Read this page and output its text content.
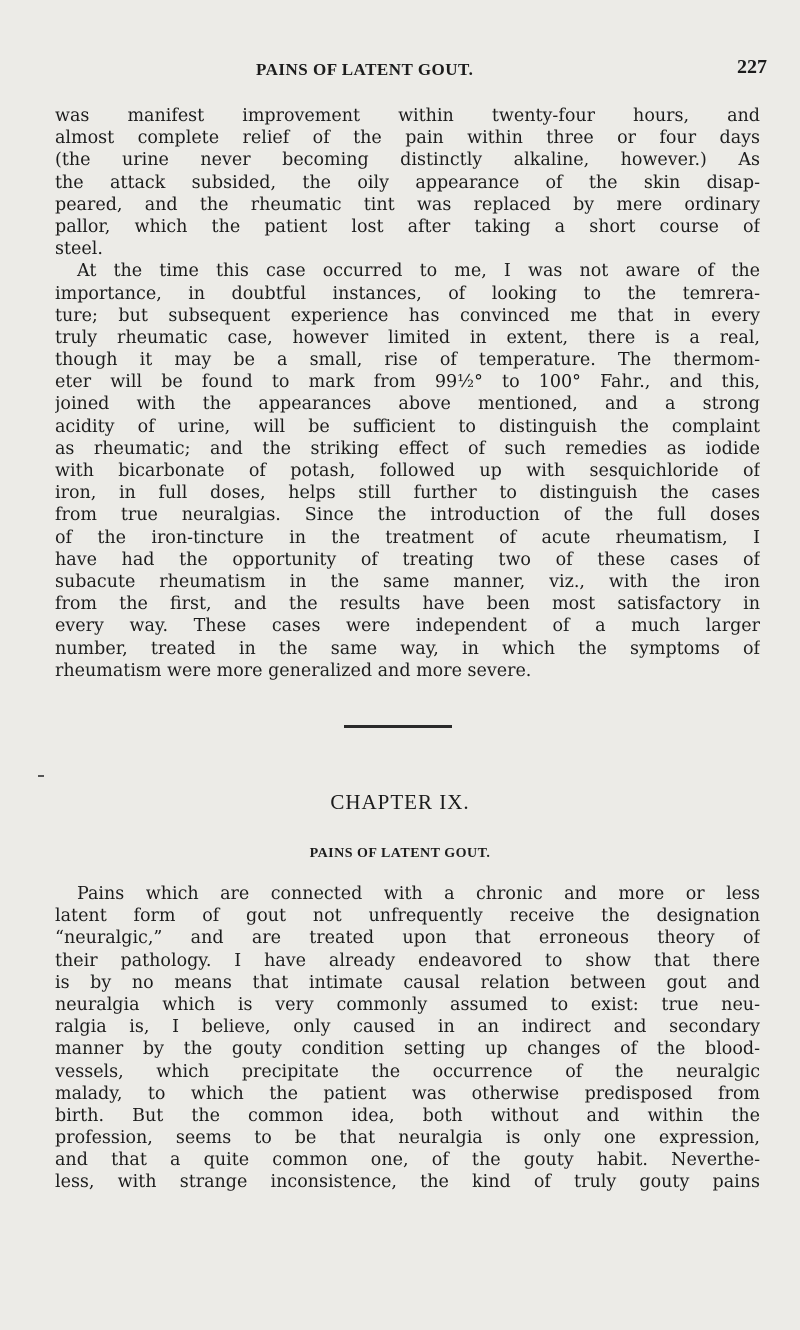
PAINS OF LATENT GOUT.	227
was manifest improvement within twenty-four hours, and
almost complete relief of the pain within three or four days
(the urine never becoming distinctly alkaline, however.) As
the attack subsided, the oily appearance of the skin disap-
peared, and the rheumatic tint was replaced by mere ordinary
pallor, which the patient lost after taking a short course of
steel.
At the time this case occurred to me, I was not aware of the
importance, in doubtful instances, of looking to the temrera-
ture; but subsequent experience has convinced me that in every
truly rheumatic case, however limited in extent, there is a real,
though it may be a small, rise of temperature. The thermom-
eter will be found to mark from 99½° to 100° Fahr., and this,
joined with the appearances above mentioned, and a strong
acidity of urine, will be sufficient to distinguish the complaint
as rheumatic; and the striking effect of such remedies as iodide
with bicarbonate of potash, followed up with sesquichloride of
iron, in full doses, helps still further to distinguish the cases
from true neuralgias. Since the introduction of the full doses
of the iron-tincture in the treatment of acute rheumatism, I
have had the opportunity of treating two of these cases of
subacute rheumatism in the same manner, viz., with the iron
from the first, and the results have been most satisfactory in
every way. These cases were independent of a much larger
number, treated in the same way, in which the symptoms of
rheumatism were more generalized and more severe.
CHAPTER IX.
PAINS OF LATENT GOUT.
Pains which are connected with a chronic and more or less
latent form of gout not unfrequently receive the designation
“neuralgic,” and are treated upon that erroneous theory of
their pathology. I have already endeavored to show that there
is by no means that intimate causal relation between gout and
neuralgia which is very commonly assumed to exist: true neu-
ralgia is, I believe, only caused in an indirect and secondary
manner by the gouty condition setting up changes of the blood-
vessels, which precipitate the occurrence of the neuralgic
malady, to which the patient was otherwise predisposed from
birth. But the common idea, both without and within the
profession, seems to be that neuralgia is only one expression,
and that a quite common one, of the gouty habit. Neverthe-
less, with strange inconsistence, the kind of truly gouty pains
